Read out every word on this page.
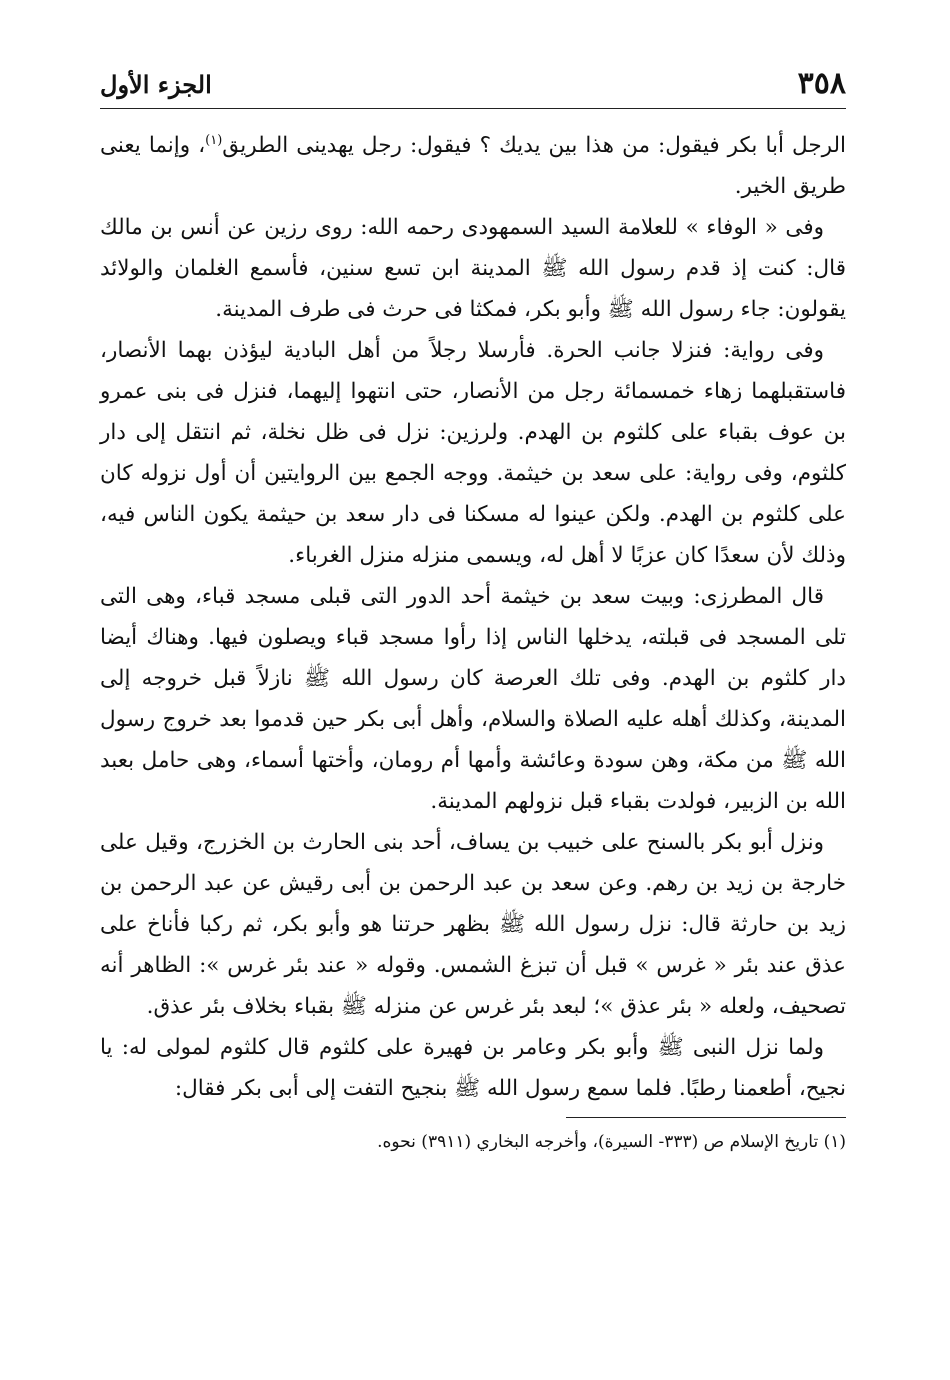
٣٥٨
الجزء الأول

الرجل أبا بكر فيقول: من هذا بين يديك ؟ فيقول: رجل يهدينى الطريق$^{(١)}$، وإنما يعنى طريق الخير.

وفى « الوفاء » للعلامة السيد السمهودى رحمه الله: روى رزين عن أنس بن مالك قال: كنت إذ قدم رسول الله ﷺ المدينة ابن تسع سنين، فأسمع الغلمان والولائد يقولون: جاء رسول الله ﷺ وأبو بكر، فمكثا فى حرث فى طرف المدينة.

وفى رواية: فنزلا جانب الحرة. فأرسلا رجلاً من أهل البادية ليؤذن بهما الأنصار، فاستقبلهما زهاء خمسمائة رجل من الأنصار، حتى انتهوا إليهما، فنزل فى بنى عمرو بن عوف بقباء على كلثوم بن الهدم. ولرزين: نزل فى ظل نخلة، ثم انتقل إلى دار كلثوم، وفى رواية: على سعد بن خيثمة. ووجه الجمع بين الروايتين أن أول نزوله كان على كلثوم بن الهدم. ولكن عينوا له مسكنا فى دار سعد بن حيثمة يكون الناس فيه، وذلك لأن سعدًا كان عزبًا لا أهل له، ويسمى منزله منزل الغرباء.

قال المطرزى: وبيت سعد بن خيثمة أحد الدور التى قبلى مسجد قباء، وهى التى تلى المسجد فى قبلته، يدخلها الناس إذا رأوا مسجد قباء ويصلون فيها. وهناك أيضا دار كلثوم بن الهدم. وفى تلك العرصة كان رسول الله ﷺ نازلاً قبل خروجه إلى المدينة، وكذلك أهله عليه الصلاة والسلام، وأهل أبى بكر حين قدموا بعد خروج رسول الله ﷺ من مكة، وهن سودة وعائشة وأمها أم رومان، وأختها أسماء، وهى حامل بعبد الله بن الزبير، فولدت بقباء قبل نزولهم المدينة.

ونزل أبو بكر بالسنح على خبيب بن يساف، أحد بنى الحارث بن الخزرج، وقيل على خارجة بن زيد بن رهم. وعن سعد بن عبد الرحمن بن أبى رقيش عن عبد الرحمن بن زيد بن حارثة قال: نزل رسول الله ﷺ بظهر حرتنا هو وأبو بكر، ثم ركبا فأناخ على عذق عند بئر « غرس » قبل أن تبزغ الشمس. وقوله « عند بئر غرس »: الظاهر أنه تصحيف، ولعله « بئر عذق »؛ لبعد بئر غرس عن منزله ﷺ بقباء بخلاف بئر عذق.

ولما نزل النبى ﷺ وأبو بكر وعامر بن فهيرة على كلثوم قال كلثوم لمولى له: يا نجيح، أطعمنا رطبًا. فلما سمع رسول الله ﷺ بنجيح التفت إلى أبى بكر فقال:

(١) تاريخ الإسلام ص (٣٣٣- السيرة)، وأخرجه البخاري (٣٩١١) نحوه.
